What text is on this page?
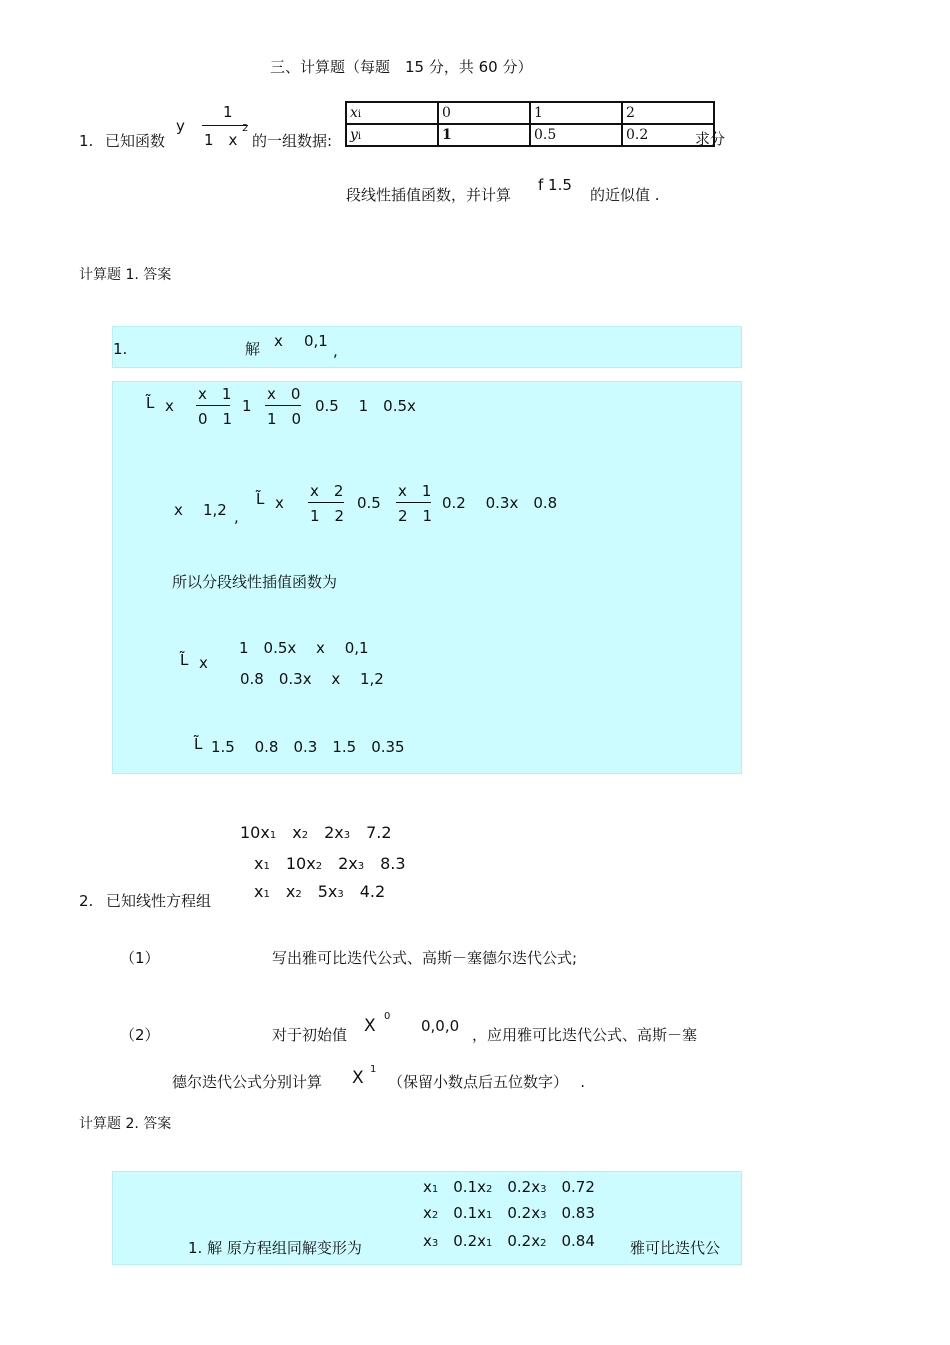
三、计算题（每题　15 分，共 60 分）
1. 已知函数
y
1
1　x
2
的一组数据:
xi	0	1	2
yi	1	0.5	0.2	求分
段线性插值函数，并计算
f 1.5
的近似值 .
计算题 1. 答案
1.	解 x 0,1
,
L͂ x
x　1
0　1
1
x　0
1　0
0.5　 1　0.5x
x 1,2 ,
L͂ x
x　2
1　2
0.5
x　1
2　1
0.2　 0.3x　0.8
所以分段线性插值函数为
L͂ x
1　0.5x　 x　 0,1
0.8　0.3x　 x　 1,2
L͂ 1.5　 0.8　0.3　1.5　0.35
10x1　x2　2x3　7.2
x1　10x2　2x3　8.3
x1　x2　5x3　4.2
2. 已知线性方程组
（1）	写出雅可比迭代公式、高斯－塞德尔迭代公式;
（2）	对于初始值 X 0
0,0,0 ，应用雅可比迭代公式、高斯－塞
德尔迭代公式分别计算 X 1
（保留小数点后五位数字）　 .
计算题 2. 答案
x1　0.1x2　0.2x3　0.72
x2　0.1x1　0.2x3　0.83
x3　0.2x1　0.2x2　0.84
1. 解 原方程组同解变形为	雅可比迭代公
